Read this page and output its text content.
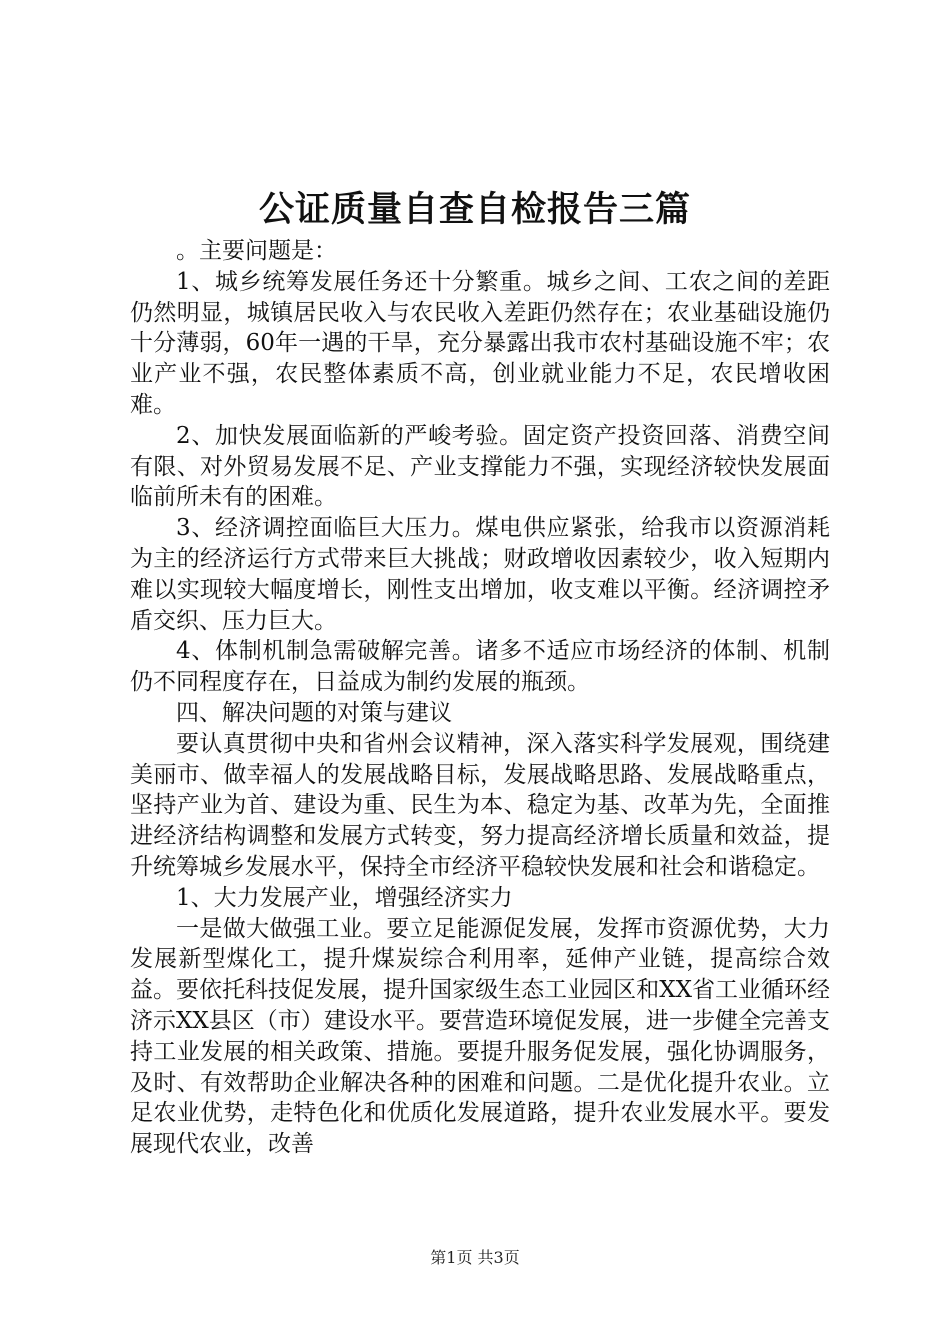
公证质量自查自检报告三篇

。主要问题是：

1、城乡统筹发展任务还十分繁重。城乡之间、工农之间的差距仍然明显，城镇居民收入与农民收入差距仍然存在；农业基础设施仍十分薄弱，60年一遇的干旱，充分暴露出我市农村基础设施不牢；农业产业不强，农民整体素质不高，创业就业能力不足，农民增收困难。

2、加快发展面临新的严峻考验。固定资产投资回落、消费空间有限、对外贸易发展不足、产业支撑能力不强，实现经济较快发展面临前所未有的困难。

3、经济调控面临巨大压力。煤电供应紧张，给我市以资源消耗为主的经济运行方式带来巨大挑战；财政增收因素较少，收入短期内难以实现较大幅度增长，刚性支出增加，收支难以平衡。经济调控矛盾交织、压力巨大。

4、体制机制急需破解完善。诸多不适应市场经济的体制、机制仍不同程度存在，日益成为制约发展的瓶颈。

四、解决问题的对策与建议

要认真贯彻中央和省州会议精神，深入落实科学发展观，围绕建美丽市、做幸福人的发展战略目标，发展战略思路、发展战略重点，坚持产业为首、建设为重、民生为本、稳定为基、改革为先，全面推进经济结构调整和发展方式转变，努力提高经济增长质量和效益，提升统筹城乡发展水平，保持全市经济平稳较快发展和社会和谐稳定。

1、大力发展产业，增强经济实力

一是做大做强工业。要立足能源促发展，发挥市资源优势，大力发展新型煤化工，提升煤炭综合利用率，延伸产业链，提高综合效益。要依托科技促发展，提升国家级生态工业园区和XX省工业循环经济示XX县区（市）建设水平。要营造环境促发展，进一步健全完善支持工业发展的相关政策、措施。要提升服务促发展，强化协调服务，及时、有效帮助企业解决各种的困难和问题。二是优化提升农业。立足农业优势，走特色化和优质化发展道路，提升农业发展水平。要发展现代农业，改善

第1页 共3页
